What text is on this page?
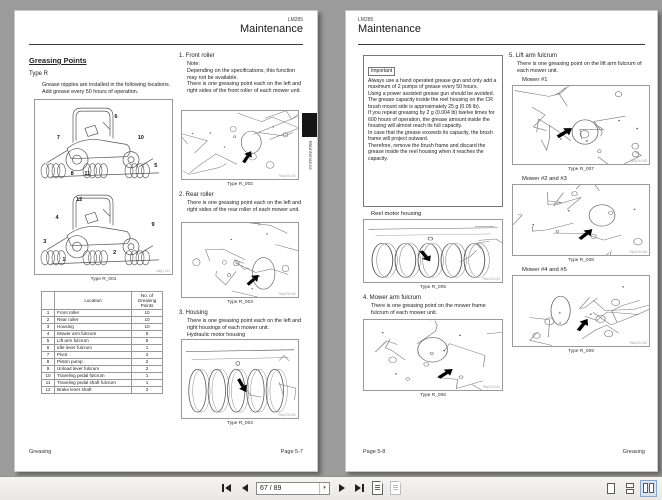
LM285
Maintenance
Maintenance
Greasing Points
Type R
Grease nipples are installed in the following locations.
Add grease every 50 hours of operation.
7
6
10
8 11
5
12
4
9
3
1
2
daig1-011
Type R_001
	Location	No. of Greasing Points
1	Front roller	10
2	Rear roller	10
3	Housing	10
4	Mower arm fulcrum	5
5	Lift arm fulcrum	5
6	Idle lever fulcrum	1
7	Pivot	2
8	Piston pump	2
9	Unload lever fulcrum	2
10	Traveling pedal fulcrum	1
11	Traveling pedal shaft fulcrum	1
12	Brake lever shaft	2
1. Front roller
Note:
Depending on the specifications, this function may not be available.
There is one greasing point each on the left and right sides of the front roller of each mower unit.
Rkq02b-030
Type R_002
2. Rear roller
There is one greasing point each on the left and right sides of the rear roller of each mower unit.
Rkq02b-040
Type R_003
3. Housing
There is one greasing point each on the left and right housings of each mower unit.
Hydraulic motor housing
Rkq02b-060
Type R_004
Greasing	Page 5-7
LM285
Maintenance
Important
Always use a hand operated grease gun and only add a maximum of 2 pumps of grease every 50 hours.
Using a power assisted grease gun should be avoided.
The grease capacity inside the reel housing on the CR brush mount side is approximately 25 g (0.05 lb).
If you repeat greasing by 2 g (0.004 lb) twelve times for 600 hours of operation, the grease amount inside the housing will almost reach its full capacity.
In case that the grease exceeds its capacity, the brush frame will project outward.
Therefore, remove the brush frame and discard the grease inside the reel housing when it reaches the capacity.
Reel motor housing
Rkq02b-033
Type R_005
4. Mower arm fulcrum
There is one greasing point on the mower frame fulcrum of each mower unit.
Rkq02b-043
Type R_006
5. Lift arm fulcrum
There is one greasing point on the lift arm fulcrum of each mower unit.
Mower #1
Rkq02b-045
Type R_007
Mower #2 and #3
Rkq02b-046
Type R_008
Mower #4 and #5
Rkq02b-048
Type R_009
Page 5-8	Greasing
67 / 89
▾
